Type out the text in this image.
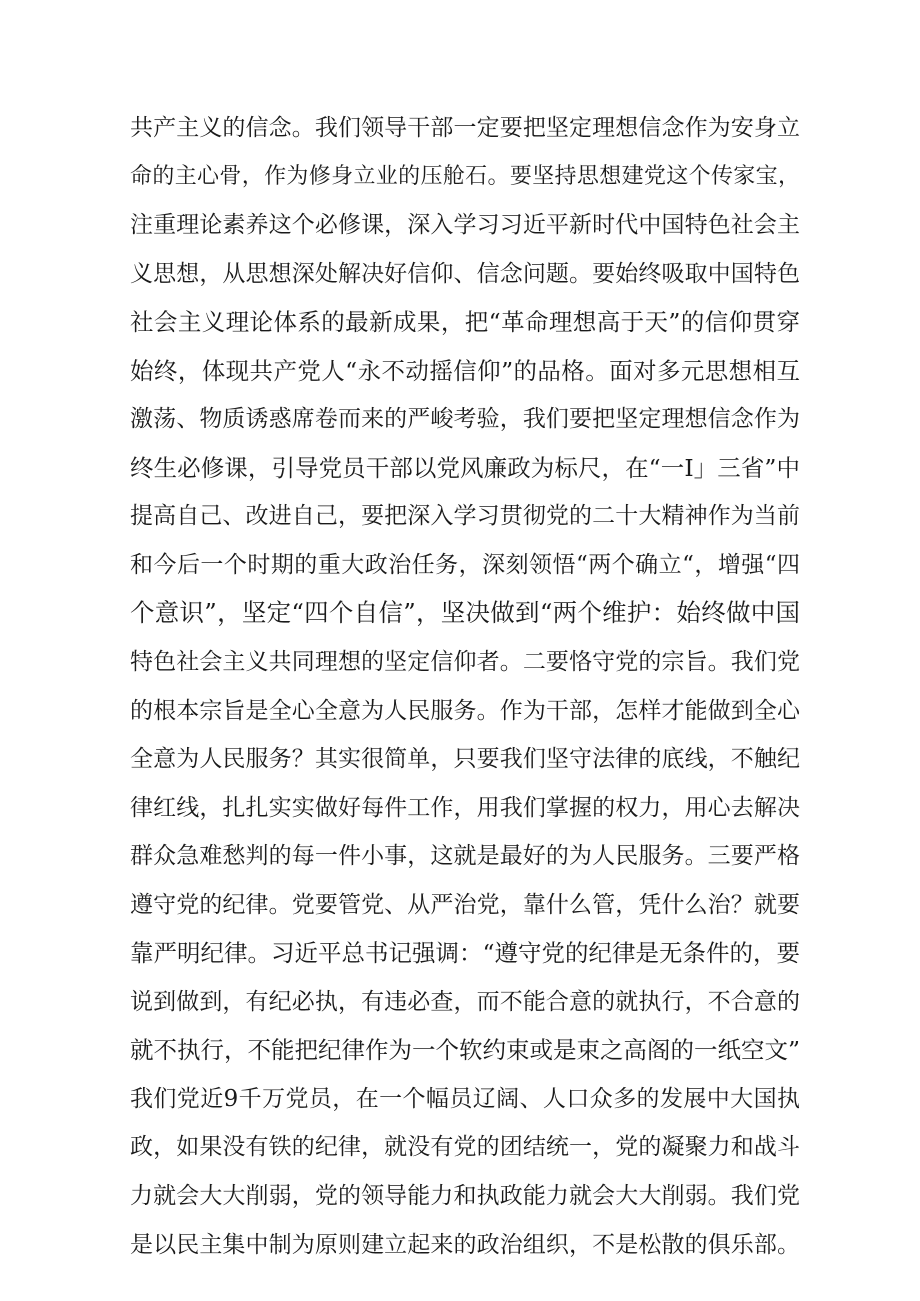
共产主义的信念。我们领导干部一定要把坚定理想信念作为安身立
命的主心骨，作为修身立业的压舱石。要坚持思想建党这个传家宝，
注重理论素养这个必修课，深入学习习近平新时代中国特色社会主
义思想，从思想深处解决好信仰、信念问题。要始终吸取中国特色
社会主义理论体系的最新成果，把“革命理想高于天”的信仰贯穿
始终，体现共产党人“永不动摇信仰”的品格。面对多元思想相互
激荡、物质诱惑席卷而来的严峻考验，我们要把坚定理想信念作为
终生必修课，引导党员干部以党风廉政为标尺，在“一I」三省”中
提高自己、改进自己，要把深入学习贯彻党的二十大精神作为当前
和今后一个时期的重大政治任务，深刻领悟“两个确立“，增强“四
个意识”，坚定“四个自信”，坚决做到“两个维护：始终做中国
特色社会主义共同理想的坚定信仰者。二要恪守党的宗旨。我们党
的根本宗旨是全心全意为人民服务。作为干部，怎样才能做到全心
全意为人民服务？其实很简单，只要我们坚守法律的底线，不触纪
律红线，扎扎实实做好每件工作，用我们掌握的权力，用心去解决
群众急难愁判的每一件小事，这就是最好的为人民服务。三要严格
遵守党的纪律。党要管党、从严治党，靠什么管，凭什么治？就要
靠严明纪律。习近平总书记强调：“遵守党的纪律是无条件的，要
说到做到，有纪必执，有违必查，而不能合意的就执行，不合意的
就不执行，不能把纪律作为一个软约束或是束之高阁的一纸空文”
我们党近9千万党员，在一个幅员辽阔、人口众多的发展中大国执
政，如果没有铁的纪律，就没有党的团结统一，党的凝聚力和战斗
力就会大大削弱，党的领导能力和执政能力就会大大削弱。我们党
是以民主集中制为原则建立起来的政治组织，不是松散的俱乐部。
